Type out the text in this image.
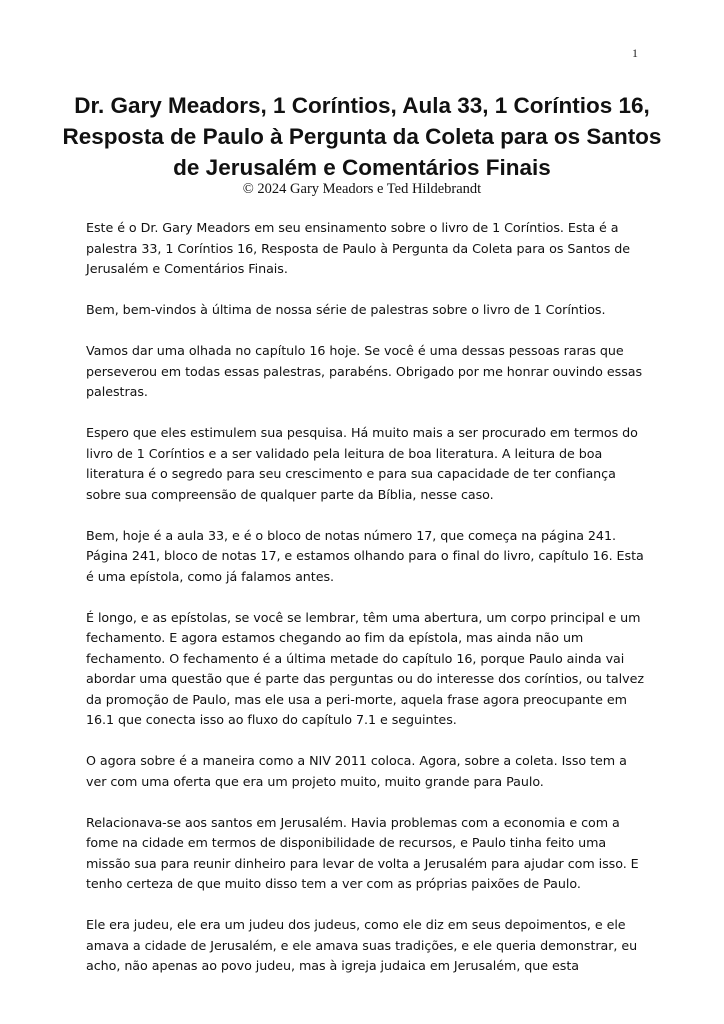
1
Dr. Gary Meadors, 1 Coríntios, Aula 33, 1 Coríntios 16, Resposta de Paulo à Pergunta da Coleta para os Santos de Jerusalém e Comentários Finais
© 2024 Gary Meadors e Ted Hildebrandt

Este é o Dr. Gary Meadors em seu ensinamento sobre o livro de 1 Coríntios. Esta é a palestra 33, 1 Coríntios 16, Resposta de Paulo à Pergunta da Coleta para os Santos de Jerusalém e Comentários Finais.

Bem, bem-vindos à última de nossa série de palestras sobre o livro de 1 Coríntios.

Vamos dar uma olhada no capítulo 16 hoje. Se você é uma dessas pessoas raras que perseverou em todas essas palestras, parabéns. Obrigado por me honrar ouvindo essas palestras.

Espero que eles estimulem sua pesquisa. Há muito mais a ser procurado em termos do livro de 1 Coríntios e a ser validado pela leitura de boa literatura. A leitura de boa literatura é o segredo para seu crescimento e para sua capacidade de ter confiança sobre sua compreensão de qualquer parte da Bíblia, nesse caso.

Bem, hoje é a aula 33, e é o bloco de notas número 17, que começa na página 241. Página 241, bloco de notas 17, e estamos olhando para o final do livro, capítulo 16. Esta é uma epístola, como já falamos antes.

É longo, e as epístolas, se você se lembrar, têm uma abertura, um corpo principal e um fechamento. E agora estamos chegando ao fim da epístola, mas ainda não um fechamento. O fechamento é a última metade do capítulo 16, porque Paulo ainda vai abordar uma questão que é parte das perguntas ou do interesse dos coríntios, ou talvez da promoção de Paulo, mas ele usa a peri-morte, aquela frase agora preocupante em 16.1 que conecta isso ao fluxo do capítulo 7.1 e seguintes.

O agora sobre é a maneira como a NIV 2011 coloca. Agora, sobre a coleta. Isso tem a ver com uma oferta que era um projeto muito, muito grande para Paulo.

Relacionava-se aos santos em Jerusalém. Havia problemas com a economia e com a fome na cidade em termos de disponibilidade de recursos, e Paulo tinha feito uma missão sua para reunir dinheiro para levar de volta a Jerusalém para ajudar com isso. E tenho certeza de que muito disso tem a ver com as próprias paixões de Paulo.

Ele era judeu, ele era um judeu dos judeus, como ele diz em seus depoimentos, e ele amava a cidade de Jerusalém, e ele amava suas tradições, e ele queria demonstrar, eu acho, não apenas ao povo judeu, mas à igreja judaica em Jerusalém, que esta
